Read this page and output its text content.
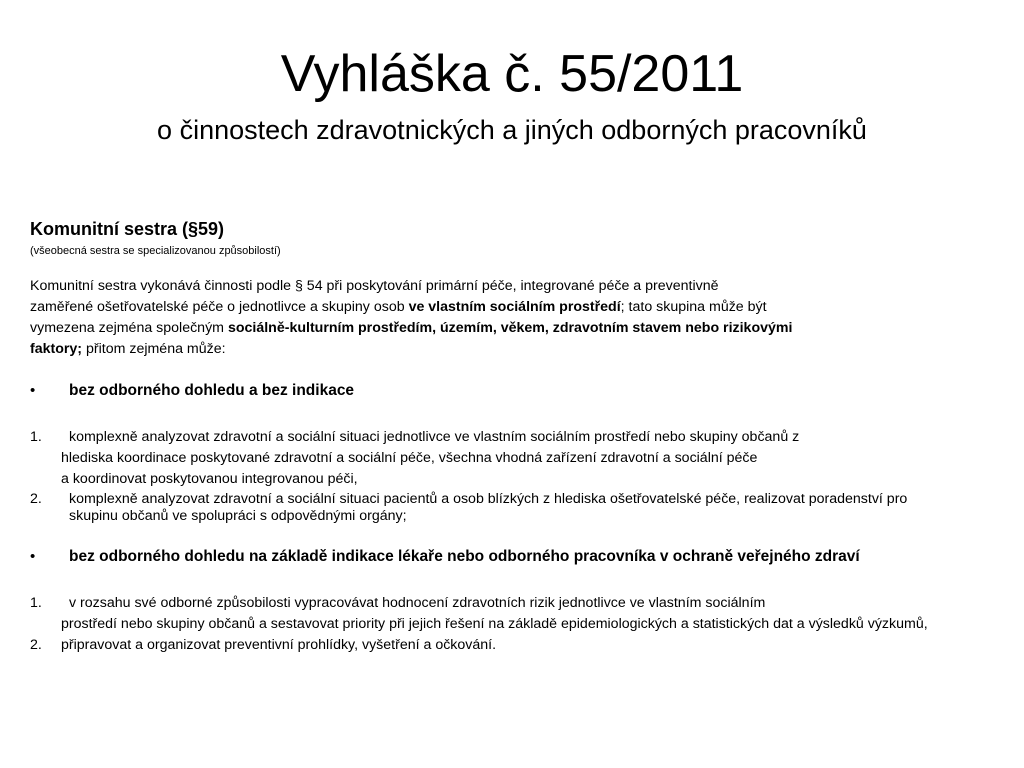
Vyhláška č. 55/2011
o činnostech zdravotnických a jiných odborných pracovníků
Komunitní sestra (§59)
(všeobecná sestra se specializovanou způsobilostí)
Komunitní sestra vykonává činnosti podle § 54 při poskytování primární péče, integrované péče a preventivně
zaměřené ošetřovatelské péče o jednotlivce a skupiny osob ve vlastním sociálním prostředí; tato skupina může být
vymezena zejména společným sociálně-kulturním prostředím, územím, věkem, zdravotním stavem nebo rizikovými
faktory; přitom zejména může:
• bez odborného dohledu a bez indikace
1. komplexně analyzovat zdravotní a sociální situaci jednotlivce ve vlastním sociálním prostředí nebo skupiny občanů z
hlediska koordinace poskytované zdravotní a sociální péče, všechna vhodná zařízení zdravotní a sociální péče
a koordinovat poskytovanou integrovanou péči,
2. komplexně analyzovat zdravotní a sociální situaci pacientů a osob blízkých z hlediska ošetřovatelské péče, realizovat poradenství pro
skupinu občanů ve spolupráci s odpovědnými orgány;
• bez odborného dohledu na základě indikace lékaře nebo odborného pracovníka v ochraně veřejného zdraví
1. v rozsahu své odborné způsobilosti vypracovávat hodnocení zdravotních rizik jednotlivce ve vlastním sociálním
prostředí nebo skupiny občanů a sestavovat priority při jejich řešení na základě epidemiologických a statistických dat a výsledků výzkumů,
2. připravovat a organizovat preventivní prohlídky, vyšetření a očkování.
